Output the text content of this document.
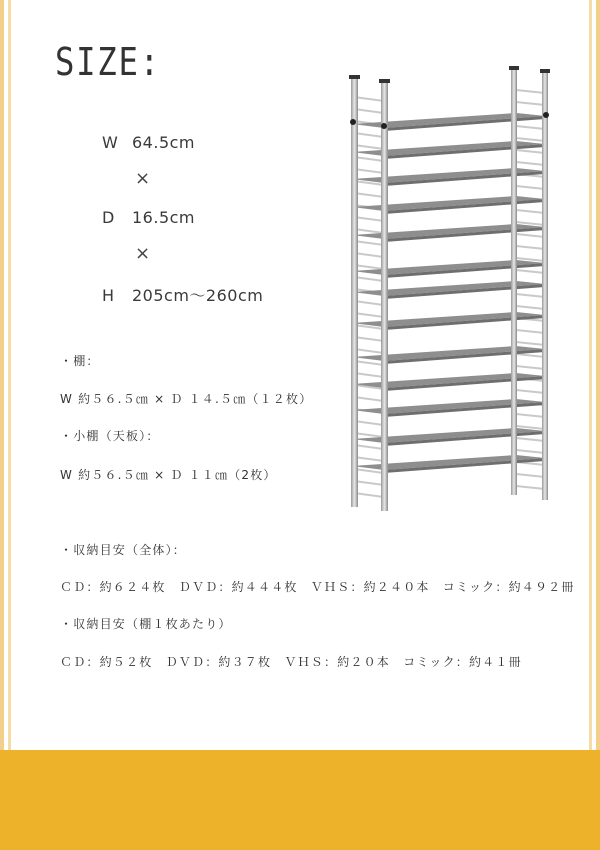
SIZE:
W 64.5cm
×
D 16.5cm
×
H 205cm〜260cm
・棚：
W 約５６.５㎝ × Ｄ １４.５㎝（１２枚）
・小棚（天板）：
W 約５６.５㎝ × Ｄ １１㎝（2枚）
・収納目安（全体）：
ＣＤ：約６２４枚　ＤＶＤ：約４４４枚　ＶＨＳ：約２４０本　コミック：約４９２冊
・収納目安（棚１枚あたり）
ＣＤ：約５２枚　ＤＶＤ：約３７枚　ＶＨＳ：約２０本　コミック：約４１冊
